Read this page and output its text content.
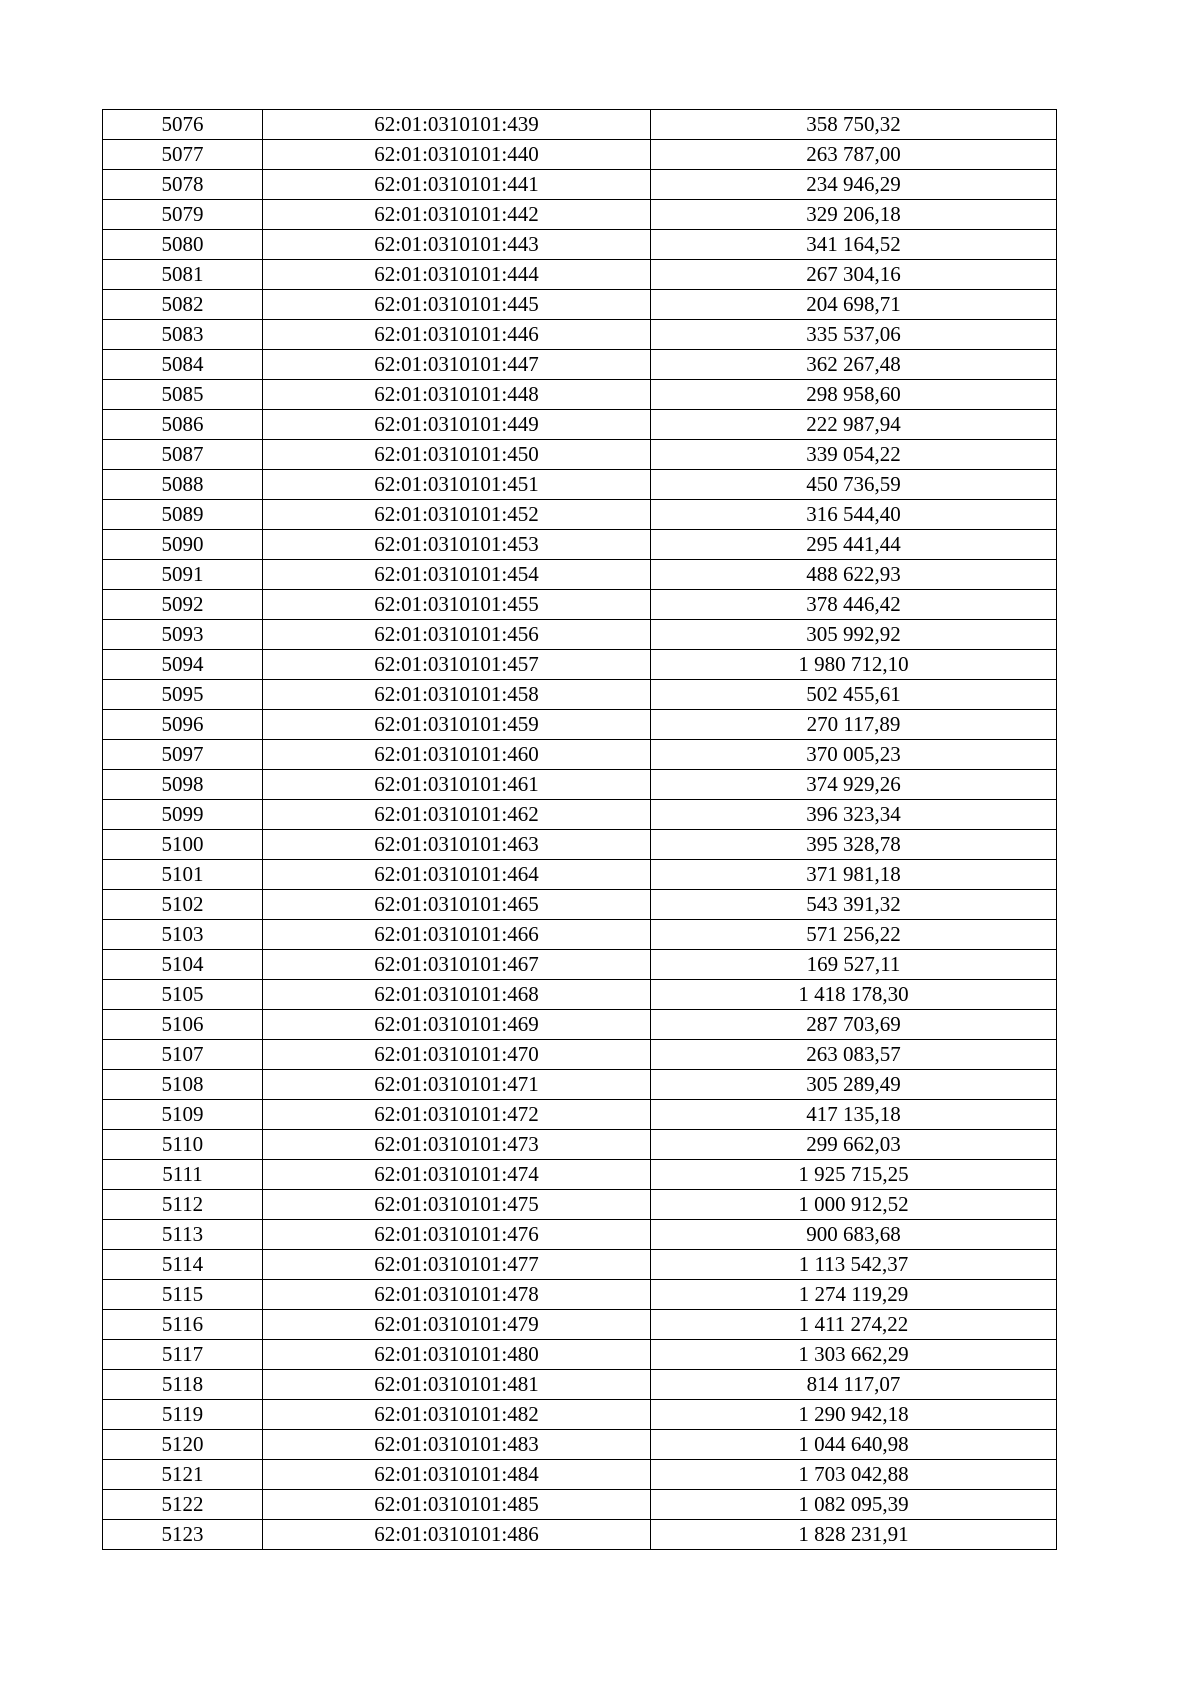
5076	62:01:0310101:439	358 750,32
5077	62:01:0310101:440	263 787,00
5078	62:01:0310101:441	234 946,29
5079	62:01:0310101:442	329 206,18
5080	62:01:0310101:443	341 164,52
5081	62:01:0310101:444	267 304,16
5082	62:01:0310101:445	204 698,71
5083	62:01:0310101:446	335 537,06
5084	62:01:0310101:447	362 267,48
5085	62:01:0310101:448	298 958,60
5086	62:01:0310101:449	222 987,94
5087	62:01:0310101:450	339 054,22
5088	62:01:0310101:451	450 736,59
5089	62:01:0310101:452	316 544,40
5090	62:01:0310101:453	295 441,44
5091	62:01:0310101:454	488 622,93
5092	62:01:0310101:455	378 446,42
5093	62:01:0310101:456	305 992,92
5094	62:01:0310101:457	1 980 712,10
5095	62:01:0310101:458	502 455,61
5096	62:01:0310101:459	270 117,89
5097	62:01:0310101:460	370 005,23
5098	62:01:0310101:461	374 929,26
5099	62:01:0310101:462	396 323,34
5100	62:01:0310101:463	395 328,78
5101	62:01:0310101:464	371 981,18
5102	62:01:0310101:465	543 391,32
5103	62:01:0310101:466	571 256,22
5104	62:01:0310101:467	169 527,11
5105	62:01:0310101:468	1 418 178,30
5106	62:01:0310101:469	287 703,69
5107	62:01:0310101:470	263 083,57
5108	62:01:0310101:471	305 289,49
5109	62:01:0310101:472	417 135,18
5110	62:01:0310101:473	299 662,03
5111	62:01:0310101:474	1 925 715,25
5112	62:01:0310101:475	1 000 912,52
5113	62:01:0310101:476	900 683,68
5114	62:01:0310101:477	1 113 542,37
5115	62:01:0310101:478	1 274 119,29
5116	62:01:0310101:479	1 411 274,22
5117	62:01:0310101:480	1 303 662,29
5118	62:01:0310101:481	814 117,07
5119	62:01:0310101:482	1 290 942,18
5120	62:01:0310101:483	1 044 640,98
5121	62:01:0310101:484	1 703 042,88
5122	62:01:0310101:485	1 082 095,39
5123	62:01:0310101:486	1 828 231,91
